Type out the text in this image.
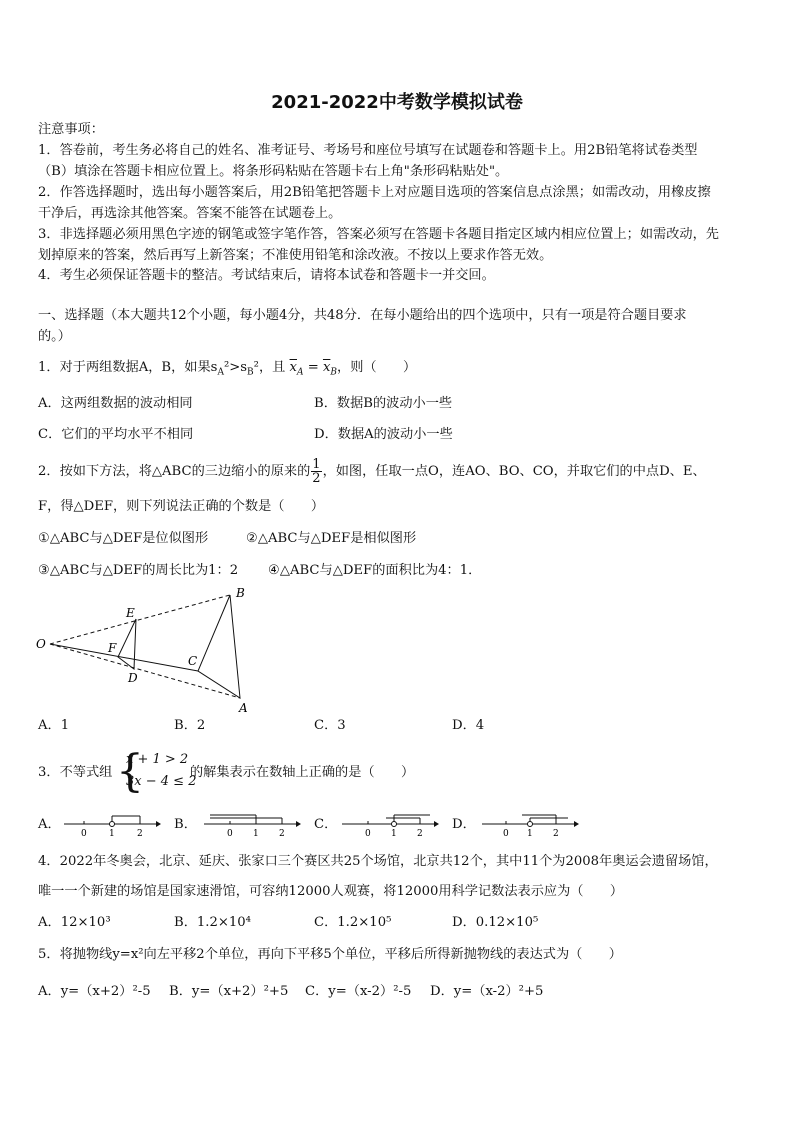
2021-2022中考数学模拟试卷
注意事项：
1．答卷前，考生务必将自己的姓名、准考证号、考场号和座位号填写在试题卷和答题卡上。用2B铅笔将试卷类型
（B）填涂在答题卡相应位置上。将条形码粘贴在答题卡右上角"条形码粘贴处"。
2．作答选择题时，选出每小题答案后，用2B铅笔把答题卡上对应题目选项的答案信息点涂黑；如需改动，用橡皮擦
干净后，再选涂其他答案。答案不能答在试题卷上。
3．非选择题必须用黑色字迹的钢笔或签字笔作答，答案必须写在答题卡各题目指定区域内相应位置上；如需改动，先
划掉原来的答案，然后再写上新答案；不准使用铅笔和涂改液。不按以上要求作答无效。
4．考生必须保证答题卡的整洁。考试结束后，请将本试卷和答题卡一并交回。
一、选择题（本大题共12个小题，每小题4分，共48分．在每小题给出的四个选项中，只有一项是符合题目要求
的。）
1．对于两组数据A，B，如果$s_A^2>s_B^2$，且 $\overline{x}_A = \overline{x}_B$，则（　　）
A．这两组数据的波动相同	B．数据B的波动小一些
C．它们的平均水平不相同	D．数据A的波动小一些
2．按如下方法，将△ABC的三边缩小的原来的 $\frac{1}{2}$ ，如图，任取一点O，连AO、BO、CO，并取它们的中点D、E、
F，得△DEF，则下列说法正确的个数是（　　）
①△ABC与△DEF是位似图形	②△ABC与△DEF是相似图形
③△ABC与△DEF的周长比为1：2 ④△ABC与△DEF的面积比为4：1．
O
E
F
D
C
B
A
A．1	B．2	C．3	D．4
3．不等式组 {
x + 1 > 2
3x − 4 ≤ 2
的解集表示在数轴上正确的是（　　）
A．
0 1 2
B．
0 1 2
C．
0 1 2
D．
0 1 2
4．2022年冬奥会，北京、延庆、张家口三个赛区共25个场馆，北京共12个，其中11个为2008年奥运会遗留场馆，
唯一一个新建的场馆是国家速滑馆，可容纳12000人观赛，将12000用科学记数法表示应为（　　）
A．12×10³	B．1.2×10⁴	C．1.2×10⁵	D．0.12×10⁵
5．将抛物线y=x²向左平移2个单位，再向下平移5个单位，平移后所得新抛物线的表达式为（　　）
A．y=（x+2）²-5 B．y=（x+2）²+5 C．y=（x-2）²-5 D．y=（x-2）²+5
